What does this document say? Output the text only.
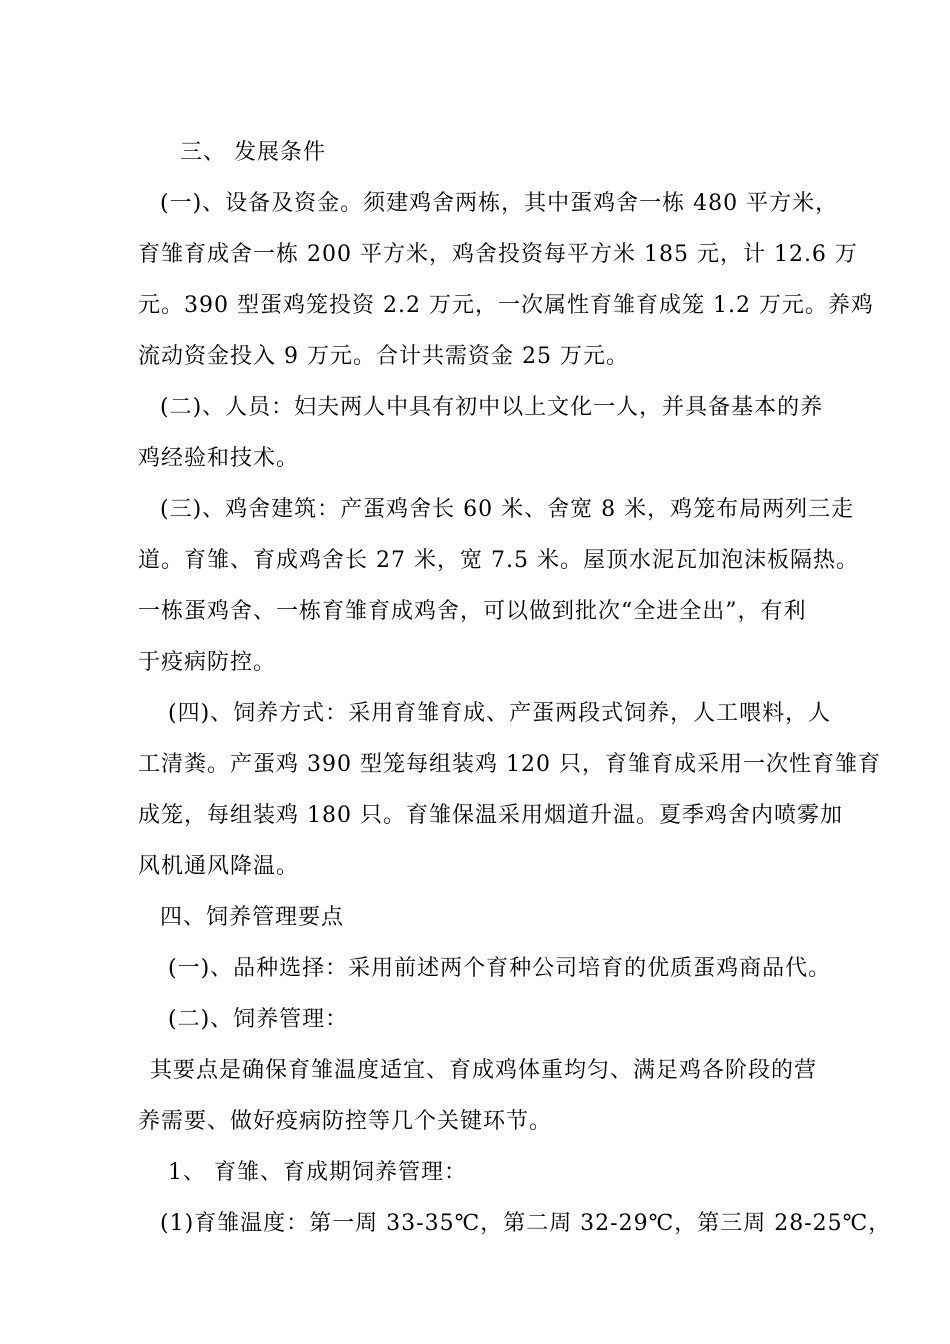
三、 发展条件
(一)、设备及资金。须建鸡舍两栋，其中蛋鸡舍一栋 480 平方米，
育雏育成舍一栋 200 平方米，鸡舍投资每平方米 185 元，计 12.6 万
元。390 型蛋鸡笼投资 2.2 万元，一次属性育雏育成笼 1.2 万元。养鸡
流动资金投入 9 万元。合计共需资金 25 万元。
(二)、人员：妇夫两人中具有初中以上文化一人，并具备基本的养
鸡经验和技术。
(三)、鸡舍建筑：产蛋鸡舍长 60 米、舍宽 8 米，鸡笼布局两列三走
道。育雏、育成鸡舍长 27 米，宽 7.5 米。屋顶水泥瓦加泡沫板隔热。
一栋蛋鸡舍、一栋育雏育成鸡舍，可以做到批次“全进全出”，有利
于疫病防控。
(四)、饲养方式：采用育雏育成、产蛋两段式饲养，人工喂料，人
工清粪。产蛋鸡 390 型笼每组装鸡 120 只，育雏育成采用一次性育雏育
成笼，每组装鸡 180 只。育雏保温采用烟道升温。夏季鸡舍内喷雾加
风机通风降温。
四、饲养管理要点
(一)、品种选择：采用前述两个育种公司培育的优质蛋鸡商品代。
(二)、饲养管理：
其要点是确保育雏温度适宜、育成鸡体重均匀、满足鸡各阶段的营
养需要、做好疫病防控等几个关键环节。
1、 育雏、育成期饲养管理：
(1)育雏温度：第一周 33-35℃，第二周 32-29℃，第三周 28-25℃，
